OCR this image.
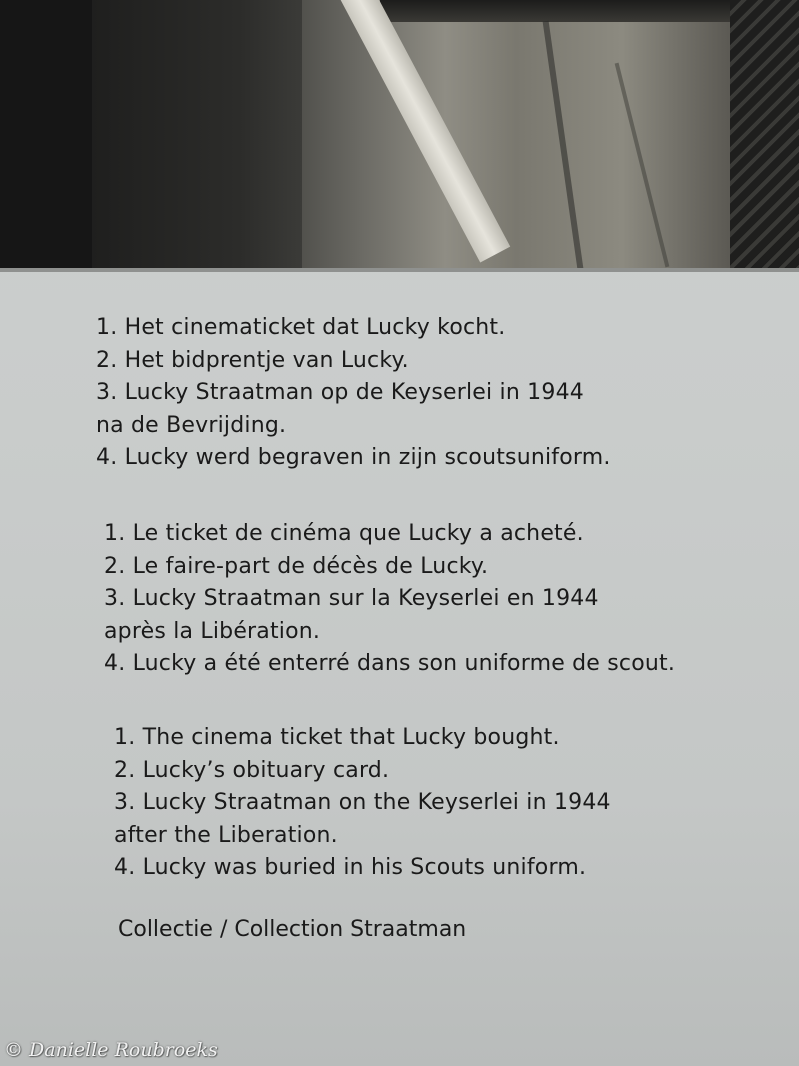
1. Het cinematicket dat Lucky kocht.

2. Het bidprentje van Lucky.

3. Lucky Straatman op de Keyserlei in 1944

na de Bevrijding.

4. Lucky werd begraven in zijn scoutsuniform.

1. Le ticket de cinéma que Lucky a acheté.

2. Le faire-part de décès de Lucky.

3. Lucky Straatman sur la Keyserlei en 1944

après la Libération.

4. Lucky a été enterré dans son uniforme de scout.

1. The cinema ticket that Lucky bought.

2. Lucky’s obituary card.

3. Lucky Straatman on the Keyserlei in 1944

after the Liberation.

4. Lucky was buried in his Scouts uniform.

Collectie / Collection Straatman
© Danielle Roubroeks
